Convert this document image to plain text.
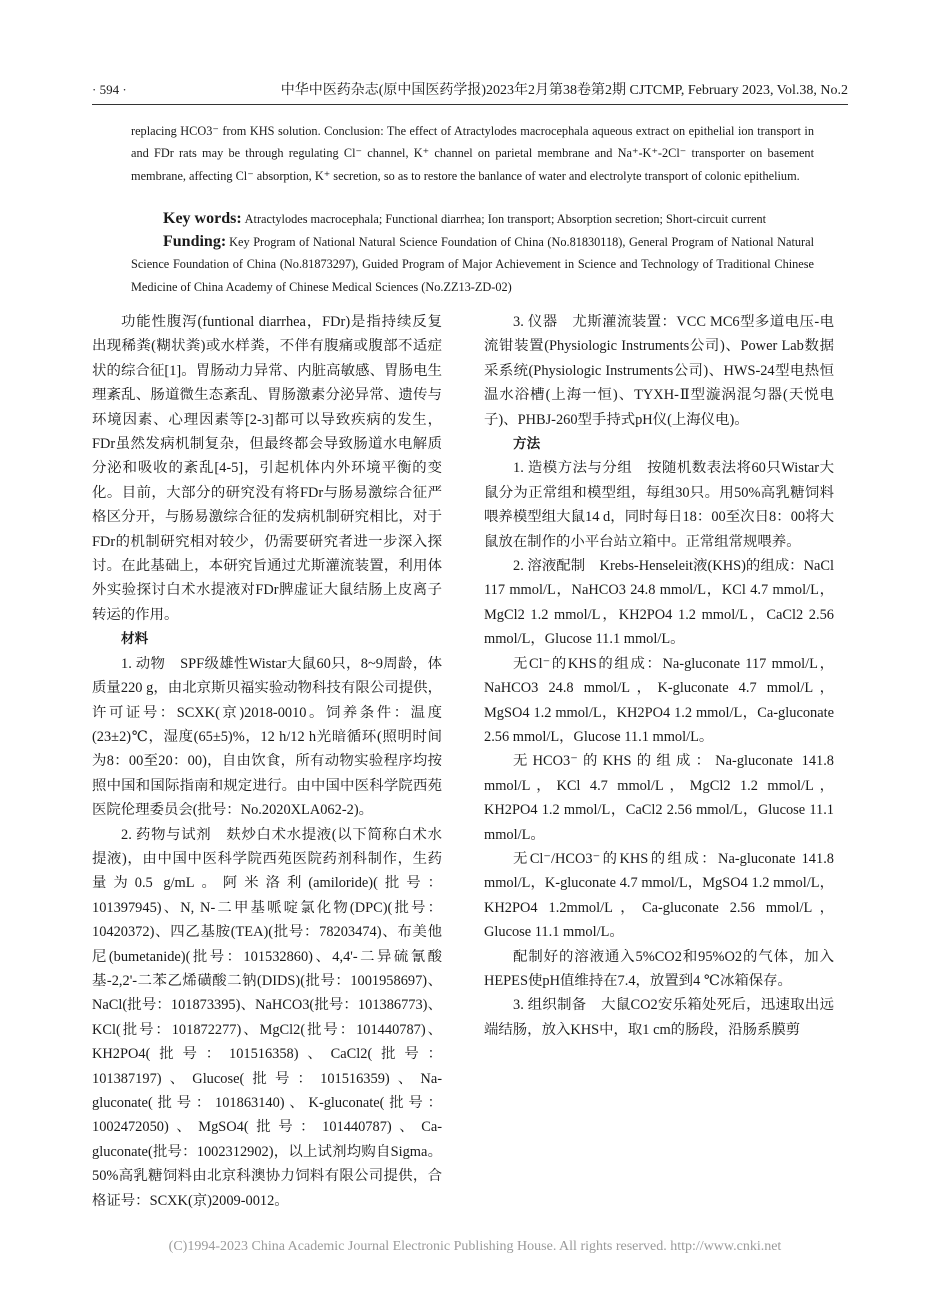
· 594 ·	中华中医药杂志(原中国医药学报)2023年2月第38卷第2期 CJTCMP, February 2023, Vol.38, No.2

replacing HCO3⁻ from KHS solution. Conclusion: The effect of Atractylodes macrocephala aqueous extract on epithelial ion transport in and FDr rats may be through regulating Cl⁻ channel, K⁺ channel on parietal membrane and Na⁺-K⁺-2Cl⁻ transporter on basement membrane, affecting Cl⁻ absorption, K⁺ secretion, so as to restore the banlance of water and electrolyte transport of colonic epithelium.

Key words: Atractylodes macrocephala; Functional diarrhea; Ion transport; Absorption secretion; Short-circuit current

Funding: Key Program of National Natural Science Foundation of China (No.81830118), General Program of National Natural Science Foundation of China (No.81873297), Guided Program of Major Achievement in Science and Technology of Traditional Chinese Medicine of China Academy of Chinese Medical Sciences (No.ZZ13-ZD-02)

功能性腹泻(funtional diarrhea，FDr)是指持续反复出现稀粪(糊状粪)或水样粪，不伴有腹痛或腹部不适症状的综合征[1]。胃肠动力异常、内脏高敏感、胃肠电生理紊乱、肠道微生态紊乱、胃肠激素分泌异常、遗传与环境因素、心理因素等[2-3]都可以导致疾病的发生，FDr虽然发病机制复杂，但最终都会导致肠道水电解质分泌和吸收的紊乱[4-5]，引起机体内外环境平衡的变化。目前，大部分的研究没有将FDr与肠易激综合征严格区分开，与肠易激综合征的发病机制研究相比，对于FDr的机制研究相对较少，仍需要研究者进一步深入探讨。在此基础上，本研究旨通过尤斯灌流装置，利用体外实验探讨白术水提液对FDr脾虚证大鼠结肠上皮离子转运的作用。

材料

1. 动物　SPF级雄性Wistar大鼠60只，8~9周龄，体质量220 g，由北京斯贝福实验动物科技有限公司提供，许可证号：SCXK(京)2018-0010。饲养条件：温度(23±2)℃，湿度(65±5)%，12 h/12 h光暗循环(照明时间为8：00至20：00)，自由饮食，所有动物实验程序均按照中国和国际指南和规定进行。由中国中医科学院西苑医院伦理委员会(批号：No.2020XLA062-2)。

2. 药物与试剂　麸炒白术水提液(以下简称白术水提液)，由中国中医科学院西苑医院药剂科制作，生药量为0.5 g/mL。阿米洛利(amiloride)(批号：101397945)、N, N-二甲基哌啶氯化物(DPC)(批号：10420372)、四乙基胺(TEA)(批号：78203474)、布美他尼(bumetanide)(批号：101532860)、4,4'-二异硫氰酸基-2,2'-二苯乙烯磺酸二钠(DIDS)(批号：1001958697)、NaCl(批号：101873395)、NaHCO3(批号：101386773)、KCl(批号：101872277)、MgCl2(批号：101440787)、KH2PO4(批号：101516358)、CaCl2(批号：101387197)、Glucose(批号：101516359)、Na-gluconate(批号：101863140)、K-gluconate(批号：1002472050)、MgSO4(批号：101440787)、Ca-gluconate(批号：1002312902)，以上试剂均购自Sigma。50%高乳糖饲料由北京科澳协力饲料有限公司提供，合格证号：SCXK(京)2009-0012。

3. 仪器　尤斯灌流装置：VCC MC6型多道电压-电流钳装置(Physiologic Instruments公司)、Power Lab数据采系统(Physiologic Instruments公司)、HWS-24型电热恒温水浴槽(上海一恒)、TYXH-Ⅱ型漩涡混匀器(天悦电子)、PHBJ-260型手持式pH仪(上海仪电)。

方法

1. 造模方法与分组　按随机数表法将60只Wistar大鼠分为正常组和模型组，每组30只。用50%高乳糖饲料喂养模型组大鼠14 d，同时每日18：00至次日8：00将大鼠放在制作的小平台站立箱中。正常组常规喂养。

2. 溶液配制　Krebs-Henseleit液(KHS)的组成：NaCl 117 mmol/L，NaHCO3 24.8 mmol/L，KCl 4.7 mmol/L，MgCl2 1.2 mmol/L，KH2PO4 1.2 mmol/L，CaCl2 2.56 mmol/L，Glucose 11.1 mmol/L。

无Cl⁻的KHS的组成：Na-gluconate 117 mmol/L，NaHCO3 24.8 mmol/L，K-gluconate 4.7 mmol/L，MgSO4 1.2 mmol/L，KH2PO4 1.2 mmol/L，Ca-gluconate 2.56 mmol/L，Glucose 11.1 mmol/L。

无HCO3⁻的KHS的组成：Na-gluconate 141.8 mmol/L，KCl 4.7 mmol/L，MgCl2 1.2 mmol/L，KH2PO4 1.2 mmol/L，CaCl2 2.56 mmol/L，Glucose 11.1 mmol/L。

无Cl⁻/HCO3⁻的KHS的组成：Na-gluconate 141.8 mmol/L，K-gluconate 4.7 mmol/L，MgSO4 1.2 mmol/L，KH2PO4 1.2mmol/L，Ca-gluconate 2.56 mmol/L，Glucose 11.1 mmol/L。

配制好的溶液通入5%CO2和95%O2的气体，加入HEPES使pH值维持在7.4，放置到4 ℃冰箱保存。

3. 组织制备　大鼠CO2安乐箱处死后，迅速取出远端结肠，放入KHS中，取1 cm的肠段，沿肠系膜剪

(C)1994-2023 China Academic Journal Electronic Publishing House. All rights reserved. http://www.cnki.net
